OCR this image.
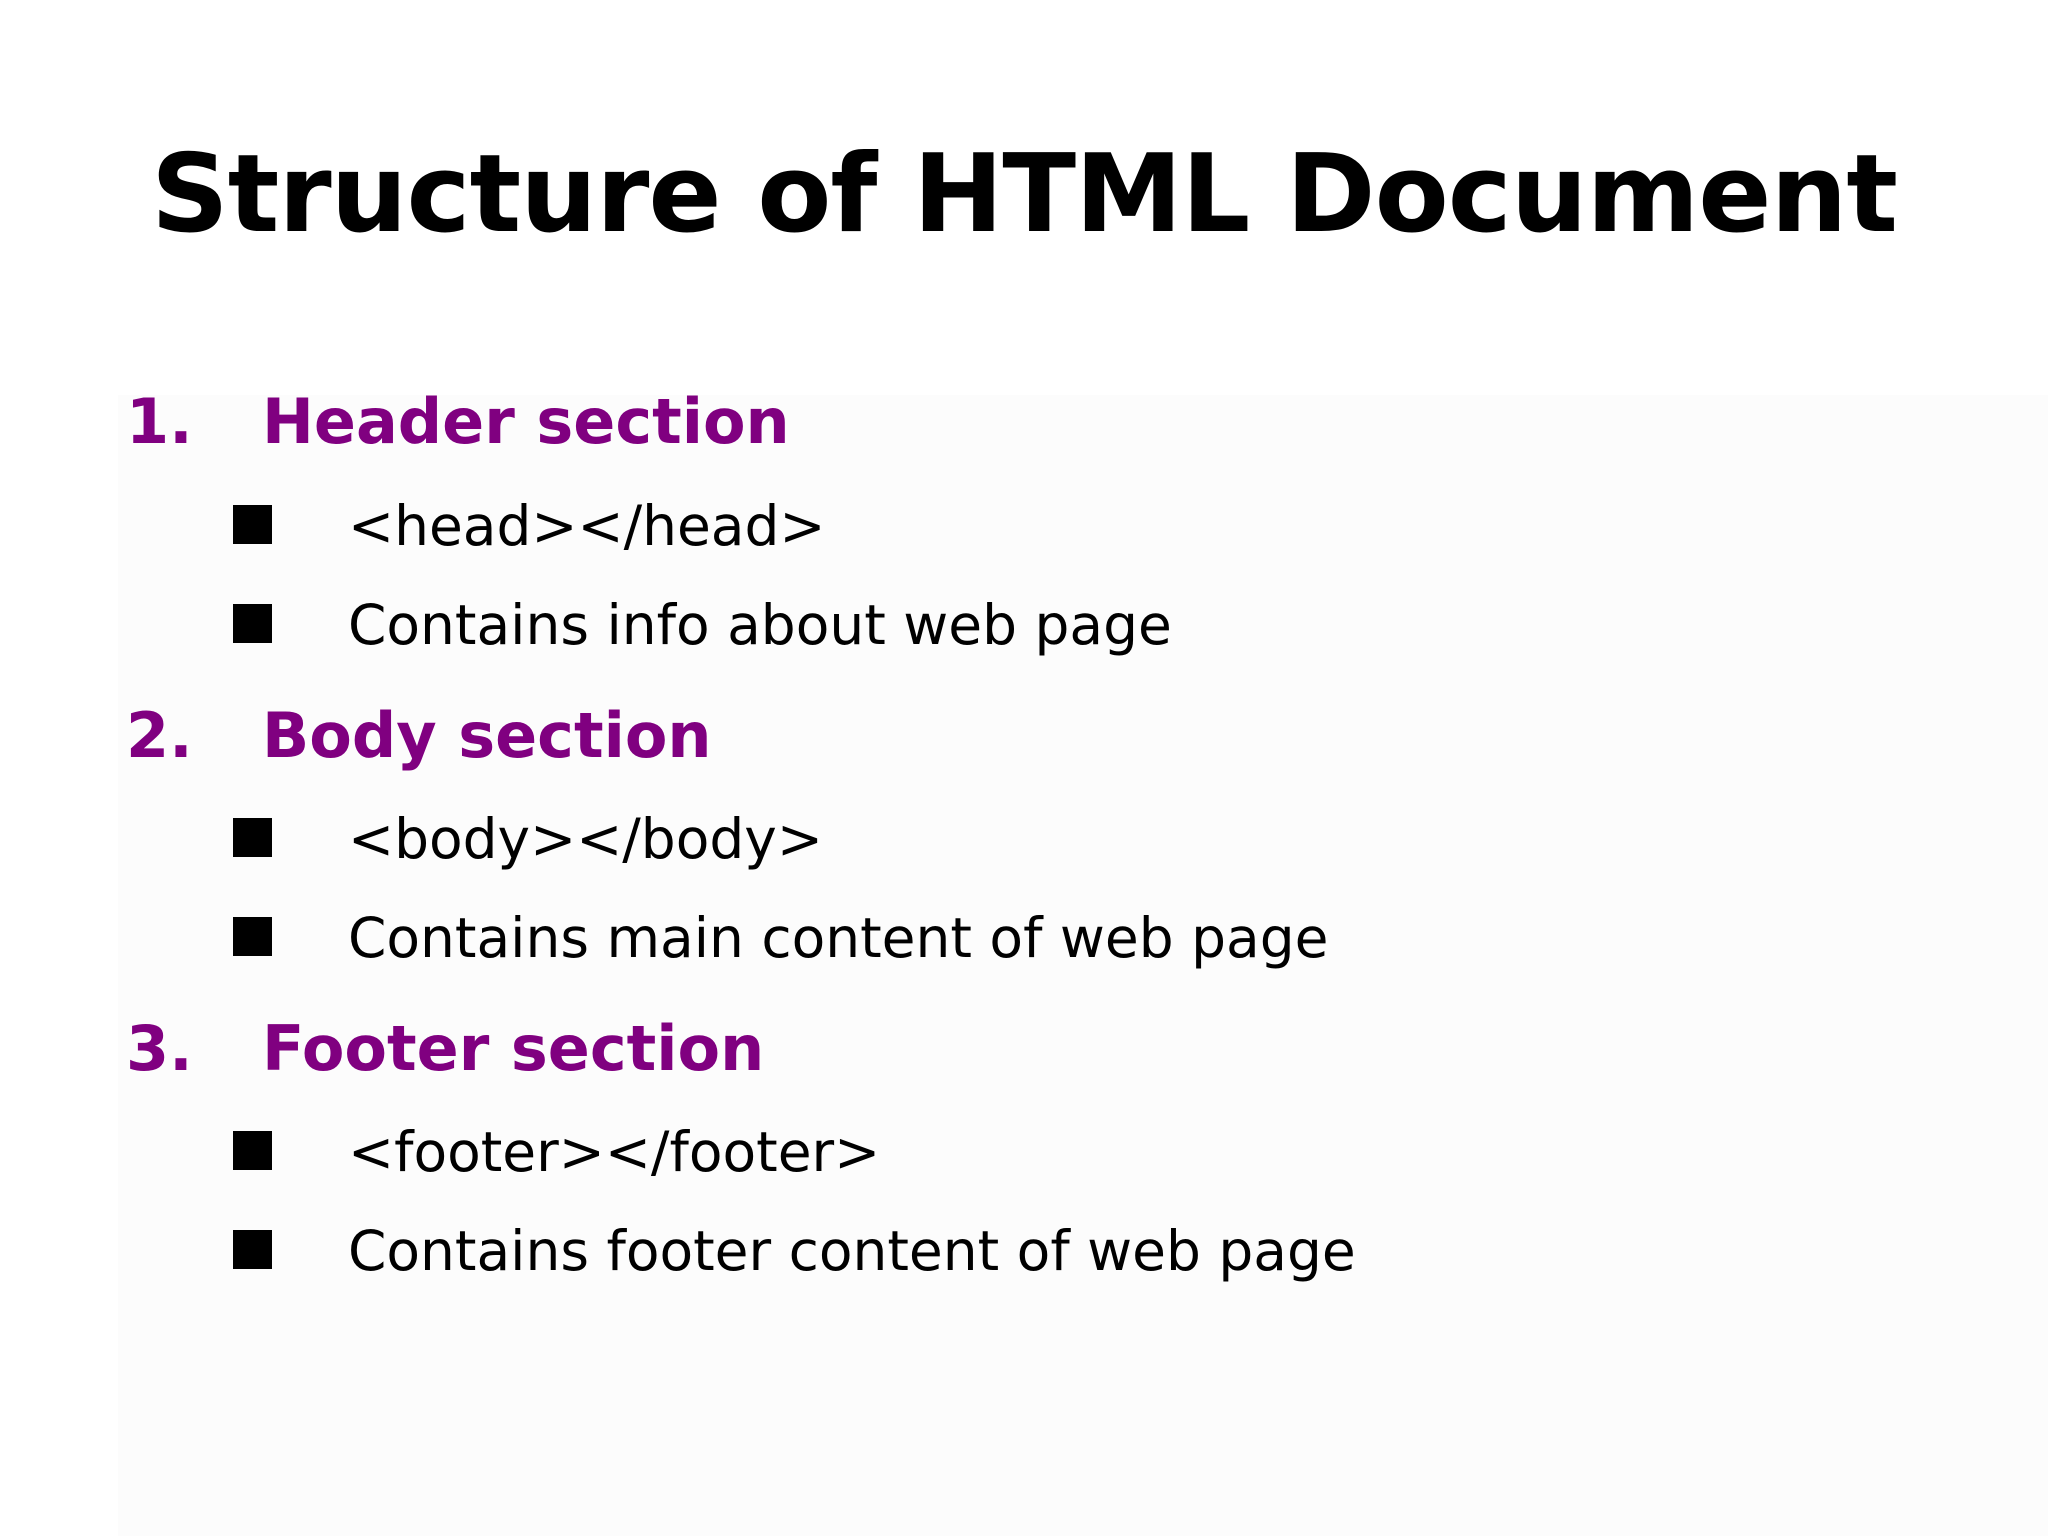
Structure of HTML Document
1. Header section
<head></head>
Contains info about web page
2. Body section
<body></body>
Contains main content of web page
3. Footer section
<footer></footer>
Contains footer content of web page
